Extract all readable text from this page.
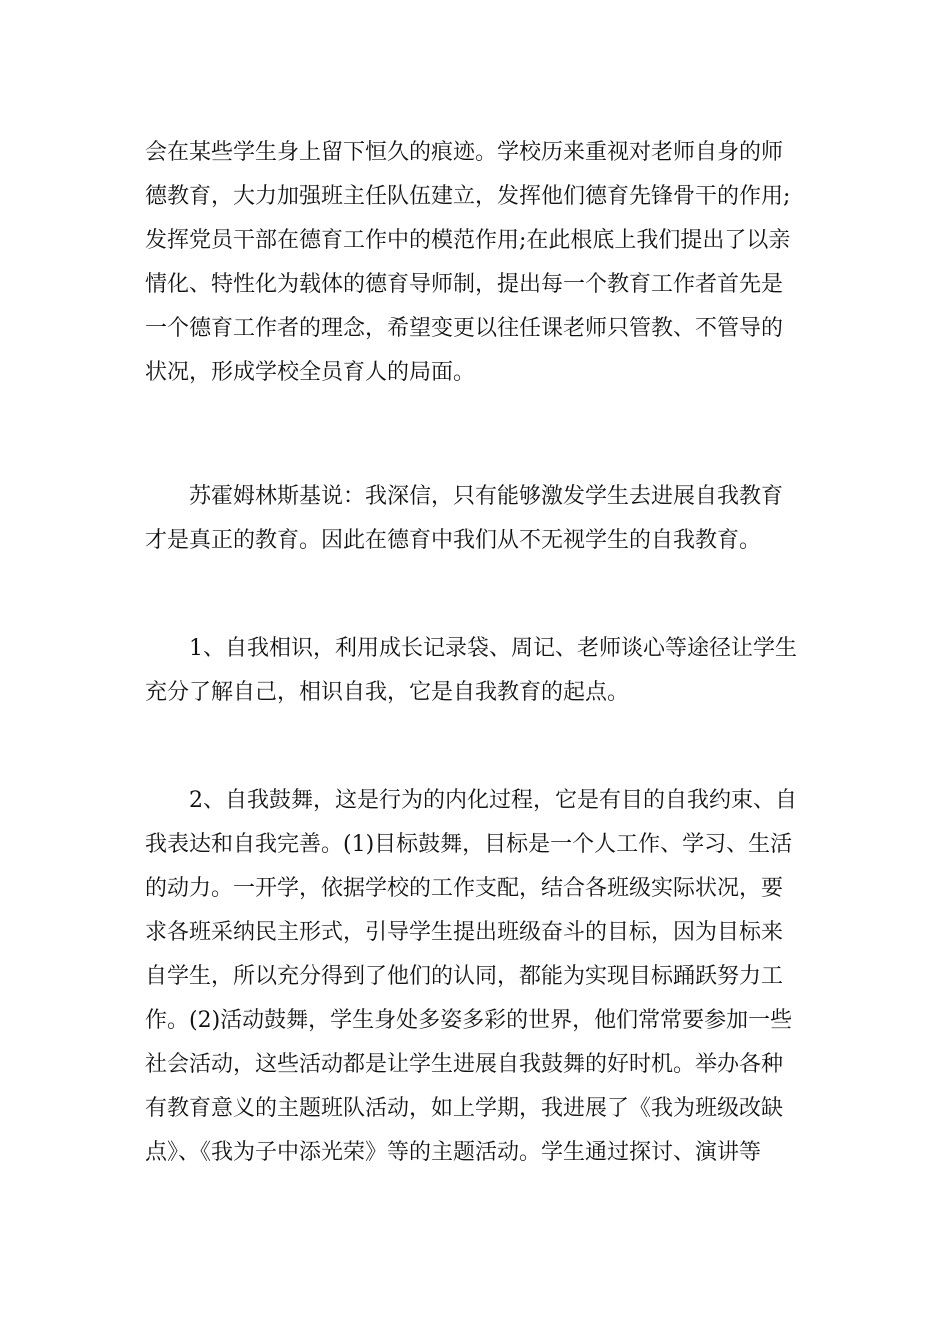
会在某些学生身上留下恒久的痕迹。学校历来重视对老师自身的师
德教育，大力加强班主任队伍建立，发挥他们德育先锋骨干的作用;
发挥党员干部在德育工作中的模范作用;在此根底上我们提出了以亲
情化、特性化为载体的德育导师制，提出每一个教育工作者首先是
一个德育工作者的理念，希望变更以往任课老师只管教、不管导的
状况，形成学校全员育人的局面。
　　苏霍姆林斯基说：我深信，只有能够激发学生去进展自我教育
才是真正的教育。因此在德育中我们从不无视学生的自我教育。
　　1、自我相识，利用成长记录袋、周记、老师谈心等途径让学生
充分了解自己，相识自我，它是自我教育的起点。
　　2、自我鼓舞，这是行为的内化过程，它是有目的自我约束、自
我表达和自我完善。(1)目标鼓舞，目标是一个人工作、学习、生活
的动力。一开学，依据学校的工作支配，结合各班级实际状况，要
求各班采纳民主形式，引导学生提出班级奋斗的目标，因为目标来
自学生，所以充分得到了他们的认同，都能为实现目标踊跃努力工
作。(2)活动鼓舞，学生身处多姿多彩的世界，他们常常要参加一些
社会活动，这些活动都是让学生进展自我鼓舞的好时机。举办各种
有教育意义的主题班队活动，如上学期，我进展了《我为班级改缺
点》、《我为子中添光荣》等的主题活动。学生通过探讨、演讲等
